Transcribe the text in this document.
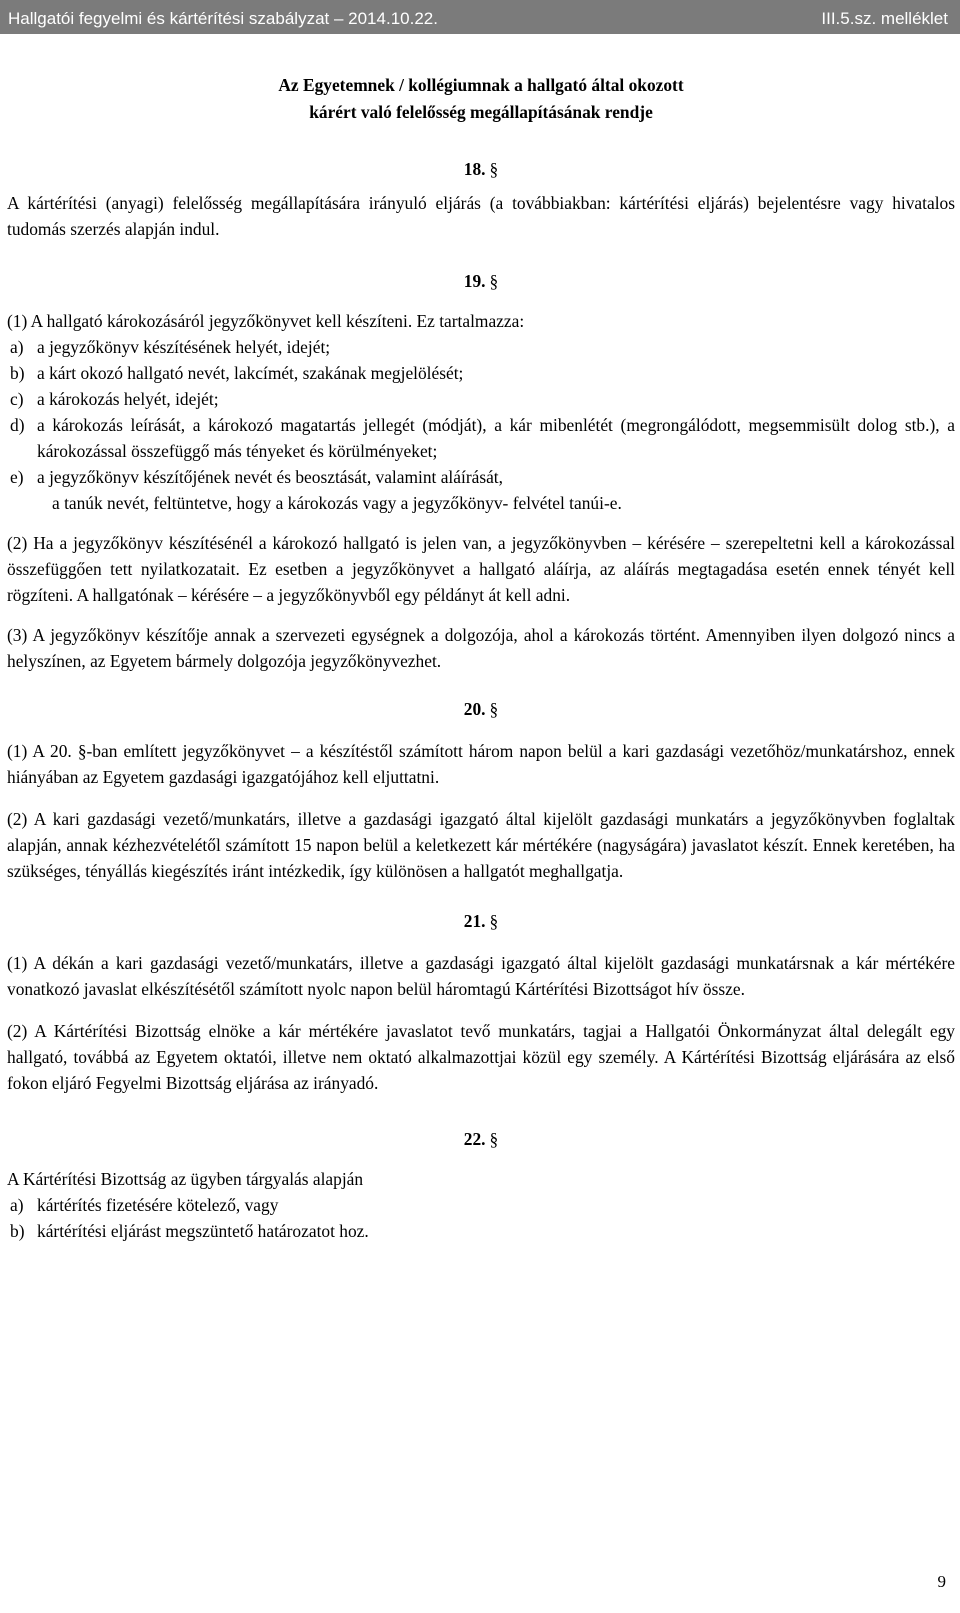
Hallgatói fegyelmi és kártérítési szabályzat – 2014.10.22.	III.5.sz. melléklet
Az Egyetemnek / kollégiumnak a hallgató által okozott
kárért való felelősség megállapításának rendje
18. §

A kártérítési (anyagi) felelősség megállapítására irányuló eljárás (a továbbiakban: kártérítési eljárás) bejelentésre vagy hivatalos tudomás szerzés alapján indul.

19. §

(1) A hallgató károkozásáról jegyzőkönyvet kell készíteni. Ez tartalmazza:

a) a jegyzőkönyv készítésének helyét, idejét;
b) a kárt okozó hallgató nevét, lakcímét, szakának megjelölését;
c) a károkozás helyét, idejét;
d) a károkozás leírását, a károkozó magatartás jellegét (módját), a kár mibenlétét (megrongálódott, megsemmisült dolog stb.), a károkozással összefüggő más tényeket és körülményeket;
e) a jegyzőkönyv készítőjének nevét és beosztását, valamint aláírását,
a tanúk nevét, feltüntetve, hogy a károkozás vagy a jegyzőkönyv- felvétel tanúi-e.

(2) Ha a jegyzőkönyv készítésénél a károkozó hallgató is jelen van, a jegyzőkönyvben – kérésére – szerepeltetni kell a károkozással összefüggően tett nyilatkozatait. Ez esetben a jegyzőkönyvet a hallgató aláírja, az aláírás megtagadása esetén ennek tényét kell rögzíteni. A hallgatónak – kérésére – a jegyzőkönyvből egy példányt át kell adni.

(3) A jegyzőkönyv készítője annak a szervezeti egységnek a dolgozója, ahol a károkozás történt. Amennyiben ilyen dolgozó nincs a helyszínen, az Egyetem bármely dolgozója jegyzőkönyvezhet.

20. §

(1) A 20. §-ban említett jegyzőkönyvet – a készítéstől számított három napon belül a kari gazdasági vezetőhöz/munkatárshoz, ennek hiányában az Egyetem gazdasági igazgatójához kell eljuttatni.

(2) A kari gazdasági vezető/munkatárs, illetve a gazdasági igazgató által kijelölt gazdasági munkatárs a jegyzőkönyvben foglaltak alapján, annak kézhezvételétől számított 15 napon belül a keletkezett kár mértékére (nagyságára) javaslatot készít. Ennek keretében, ha szükséges, tényállás kiegészítés iránt intézkedik, így különösen a hallgatót meghallgatja.

21. §

(1) A dékán a kari gazdasági vezető/munkatárs, illetve a gazdasági igazgató által kijelölt gazdasági munkatársnak a kár mértékére vonatkozó javaslat elkészítésétől számított nyolc napon belül háromtagú Kártérítési Bizottságot hív össze.

(2) A Kártérítési Bizottság elnöke a kár mértékére javaslatot tevő munkatárs, tagjai a Hallgatói Önkormányzat által delegált egy hallgató, továbbá az Egyetem oktatói, illetve nem oktató alkalmazottjai közül egy személy. A Kártérítési Bizottság eljárására az első fokon eljáró Fegyelmi Bizottság eljárása az irányadó.

22. §

A Kártérítési Bizottság az ügyben tárgyalás alapján

a) kártérítés fizetésére kötelező, vagy
b) kártérítési eljárást megszüntető határozatot hoz.
9
